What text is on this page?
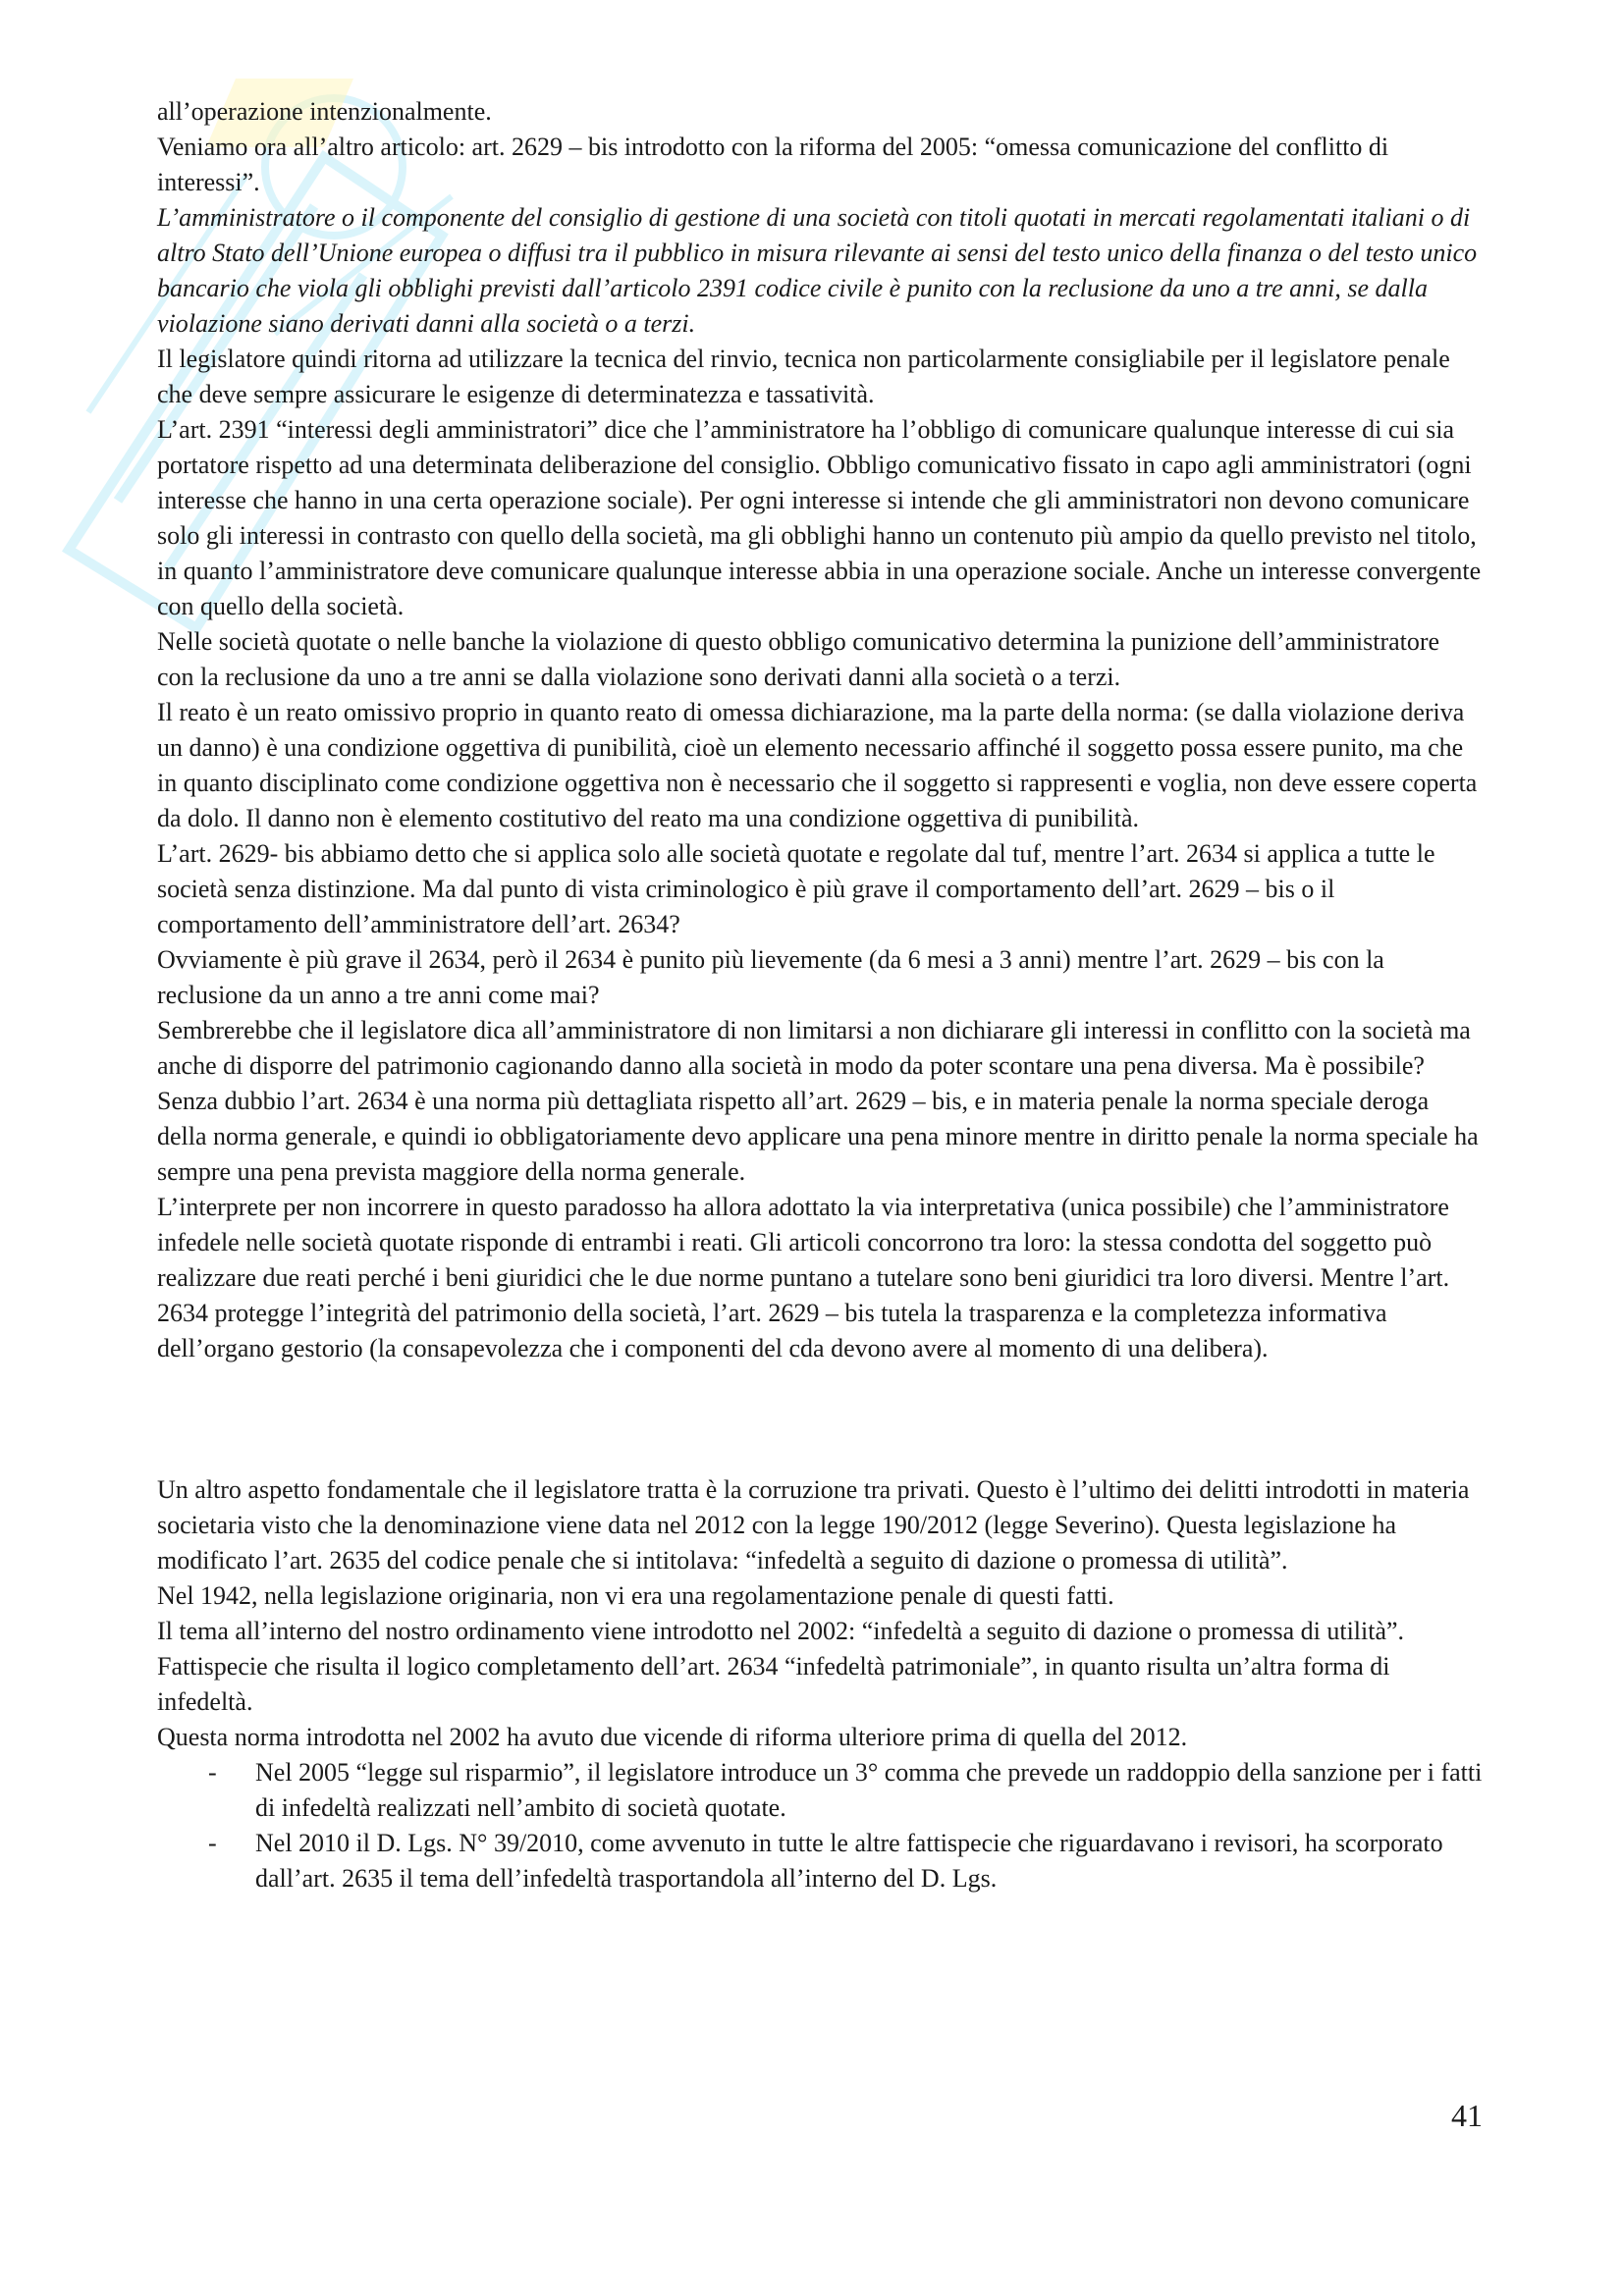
all’operazione intenzionalmente.

Veniamo ora all’altro articolo: art. 2629 – bis introdotto con la riforma del 2005: “omessa comunicazione del conflitto di interessi”.

L’amministratore o il componente del consiglio di gestione di una società con titoli quotati in mercati regolamentati italiani o di altro Stato dell’Unione europea o diffusi tra il pubblico in misura rilevante ai sensi del testo unico della finanza o del testo unico bancario che viola gli obblighi previsti dall’articolo 2391 codice civile è punito con la reclusione da uno a tre anni, se dalla violazione siano derivati danni alla società o a terzi.

Il legislatore quindi ritorna ad utilizzare la tecnica del rinvio, tecnica non particolarmente consigliabile per il legislatore penale che deve sempre assicurare le esigenze di determinatezza e tassatività.

L’art. 2391 “interessi degli amministratori” dice che l’amministratore ha l’obbligo di comunicare qualunque interesse di cui sia portatore rispetto ad una determinata deliberazione del consiglio. Obbligo comunicativo fissato in capo agli amministratori (ogni interesse che hanno in una certa operazione sociale). Per ogni interesse si intende che gli amministratori non devono comunicare solo gli interessi in contrasto con quello della società, ma gli obblighi hanno un contenuto più ampio da quello previsto nel titolo, in quanto l’amministratore deve comunicare qualunque interesse abbia in una operazione sociale. Anche un interesse convergente con quello della società.

Nelle società quotate o nelle banche la violazione di questo obbligo comunicativo determina la punizione dell’amministratore con la reclusione da uno a tre anni se dalla violazione sono derivati danni alla società o a terzi.

Il reato è un reato omissivo proprio in quanto reato di omessa dichiarazione, ma la parte della norma: (se dalla violazione deriva un danno) è una condizione oggettiva di punibilità, cioè un elemento necessario affinché il soggetto possa essere punito, ma che in quanto disciplinato come condizione oggettiva non è necessario che il soggetto si rappresenti e voglia, non deve essere coperta da dolo. Il danno non è elemento costitutivo del reato ma una condizione oggettiva di punibilità.

L’art. 2629- bis abbiamo detto che si applica solo alle società quotate e regolate dal tuf, mentre l’art. 2634 si applica a tutte le società senza distinzione. Ma dal punto di vista criminologico è più grave il comportamento dell’art. 2629 – bis o il comportamento dell’amministratore dell’art. 2634?

Ovviamente è più grave il 2634, però il 2634 è punito più lievemente (da 6 mesi a 3 anni) mentre l’art. 2629 – bis con la reclusione da un anno a tre anni come mai?

Sembrerebbe che il legislatore dica all’amministratore di non limitarsi a non dichiarare gli interessi in conflitto con la società ma anche di disporre del patrimonio cagionando danno alla società in modo da poter scontare una pena diversa. Ma è possibile?

Senza dubbio l’art. 2634 è una norma più dettagliata rispetto all’art. 2629 – bis, e in materia penale la norma speciale deroga della norma generale, e quindi io obbligatoriamente devo applicare una pena minore mentre in diritto penale la norma speciale ha sempre una pena prevista maggiore della norma generale.

L’interprete per non incorrere in questo paradosso ha allora adottato la via interpretativa (unica possibile) che l’amministratore infedele nelle società quotate risponde di entrambi i reati. Gli articoli concorrono tra loro: la stessa condotta del soggetto può realizzare due reati perché i beni giuridici che le due norme puntano a tutelare sono beni giuridici tra loro diversi. Mentre l’art. 2634 protegge l’integrità del patrimonio della società, l’art. 2629 – bis tutela la trasparenza e la completezza informativa dell’organo gestorio (la consapevolezza che i componenti del cda devono avere al momento di una delibera).

Un altro aspetto fondamentale che il legislatore tratta è la corruzione tra privati. Questo è l’ultimo dei delitti introdotti in materia societaria visto che la denominazione viene data nel 2012 con la legge 190/2012 (legge Severino). Questa legislazione ha modificato l’art. 2635 del codice penale che si intitolava: “infedeltà a seguito di dazione o promessa di utilità”.

Nel 1942, nella legislazione originaria, non vi era una regolamentazione penale di questi fatti.

Il tema all’interno del nostro ordinamento viene introdotto nel 2002: “infedeltà a seguito di dazione o promessa di utilità”. Fattispecie che risulta il logico completamento dell’art. 2634 “infedeltà patrimoniale”, in quanto risulta un’altra forma di infedeltà.

Questa norma introdotta nel 2002 ha avuto due vicende di riforma ulteriore prima di quella del 2012.

- Nel 2005 “legge sul risparmio”, il legislatore introduce un 3° comma che prevede un raddoppio della sanzione per i fatti di infedeltà realizzati nell’ambito di società quotate.
- Nel 2010 il D. Lgs. N° 39/2010, come avvenuto in tutte le altre fattispecie che riguardavano i revisori, ha scorporato dall’art. 2635 il tema dell’infedeltà trasportandola all’interno del D. Lgs.
41
